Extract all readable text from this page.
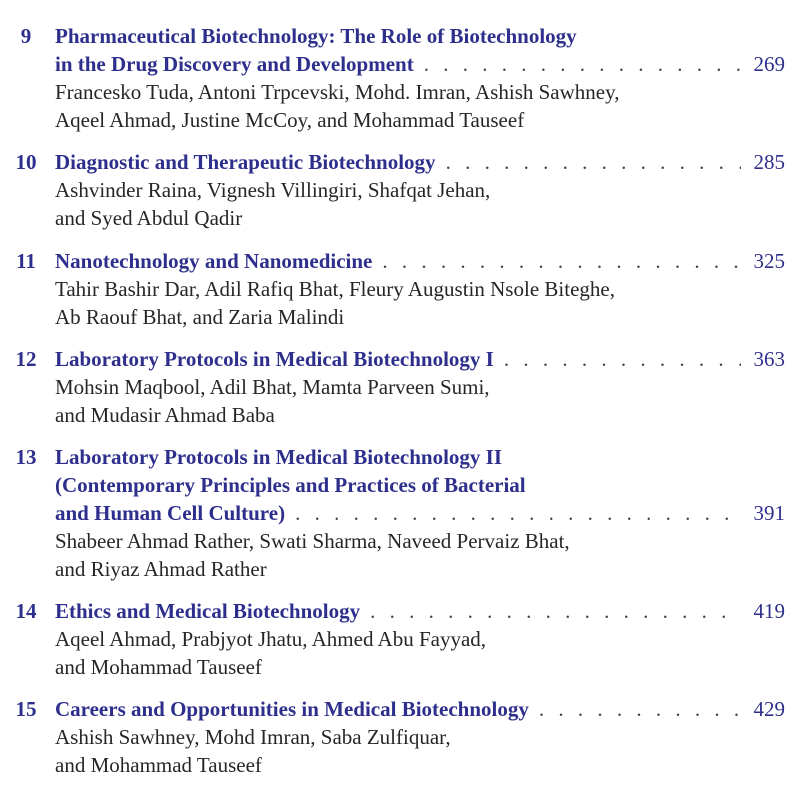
9	Pharmaceutical Biotechnology: The Role of Biotechnology
in the Drug Discovery and Development . . .	269
Francesko Tuda, Antoni Trpcevski, Mohd. Imran, Ashish Sawhney,
Aqeel Ahmad, Justine McCoy, and Mohammad Tauseef
10 Diagnostic and Therapeutic Biotechnology . . .	285
Ashvinder Raina, Vignesh Villingiri, Shafqat Jehan,
and Syed Abdul Qadir
11 Nanotechnology and Nanomedicine . . .	325
Tahir Bashir Dar, Adil Rafiq Bhat, Fleury Augustin Nsole Biteghe,
Ab Raouf Bhat, and Zaria Malindi
12 Laboratory Protocols in Medical Biotechnology I . . .	363
Mohsin Maqbool, Adil Bhat, Mamta Parveen Sumi,
and Mudasir Ahmad Baba
13 Laboratory Protocols in Medical Biotechnology II
(Contemporary Principles and Practices of Bacterial
and Human Cell Culture) . . .	391
Shabeer Ahmad Rather, Swati Sharma, Naveed Pervaiz Bhat,
and Riyaz Ahmad Rather
14 Ethics and Medical Biotechnology . . .	419
Aqeel Ahmad, Prabjyot Jhatu, Ahmed Abu Fayyad,
and Mohammad Tauseef
15 Careers and Opportunities in Medical Biotechnology . . .	429
Ashish Sawhney, Mohd Imran, Saba Zulfiquar,
and Mohammad Tauseef
